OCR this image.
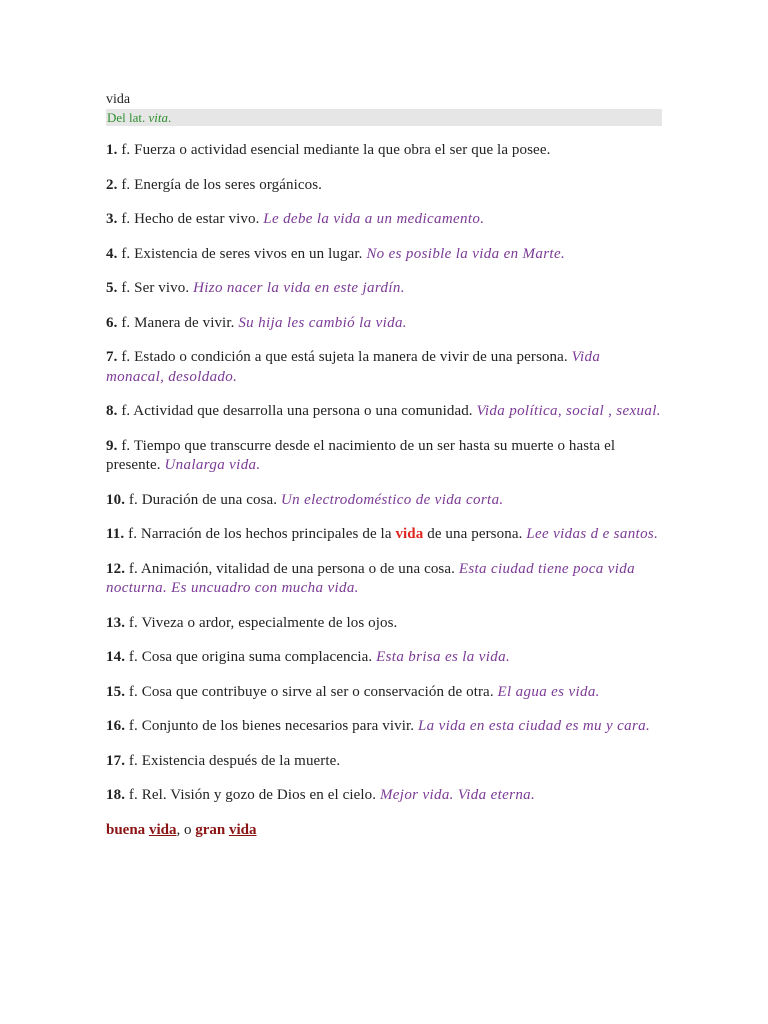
vida

Del lat. vita.

1. f. Fuerza o actividad esencial mediante la que obra el ser que la posee.

2. f. Energía de los seres orgánicos.

3. f. Hecho de estar vivo. Le debe la vida a un medicamento.

4. f. Existencia de seres vivos en un lugar. No es posible la vida en Marte.

5. f. Ser vivo. Hizo nacer la vida en este jardín.

6. f. Manera de vivir. Su hija les cambió la vida.

7. f. Estado o condición a que está sujeta la manera de vivir de una persona. Vida monacal, desoldado.

8. f. Actividad que desarrolla una persona o una comunidad. Vida política, social , sexual.

9. f. Tiempo que transcurre desde el nacimiento de un ser hasta su muerte o hasta el presente. Unalarga vida.

10. f. Duración de una cosa. Un electrodoméstico de vida corta.

11. f. Narración de los hechos principales de la vida de una persona. Lee vidas d e santos.

12. f. Animación, vitalidad de una persona o de una cosa. Esta ciudad tiene poca vida nocturna. Es uncuadro con mucha vida.

13. f. Viveza o ardor, especialmente de los ojos.

14. f. Cosa que origina suma complacencia. Esta brisa es la vida.

15. f. Cosa que contribuye o sirve al ser o conservación de otra. El agua es vida.

16. f. Conjunto de los bienes necesarios para vivir. La vida en esta ciudad es mu y cara.

17. f. Existencia después de la muerte.

18. f. Rel. Visión y gozo de Dios en el cielo. Mejor vida. Vida eterna.

buena vida, o gran vida
